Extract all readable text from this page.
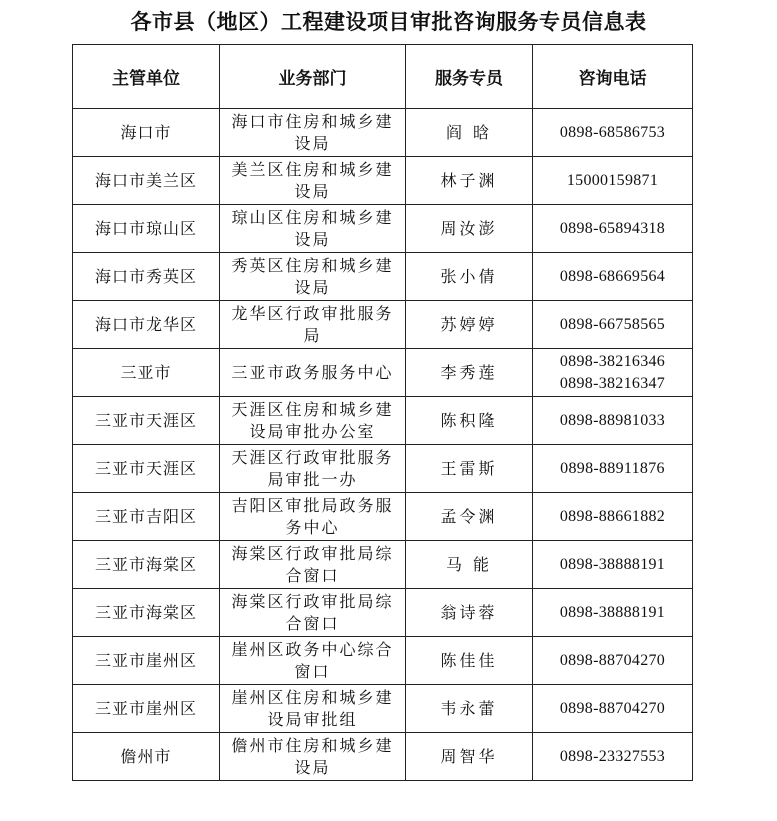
各市县（地区）工程建设项目审批咨询服务专员信息表
主管单位	业务部门	服务专员	咨询电话
海口市	海口市住房和城乡建设局	阎 晗	0898-68586753

海口市美兰区	美兰区住房和城乡建设局	林子渊	15000159871

海口市琼山区	琼山区住房和城乡建设局	周汝澎	0898-65894318

海口市秀英区	秀英区住房和城乡建设局	张小倩	0898-68669564

海口市龙华区	龙华区行政审批服务局	苏婷婷	0898-66758565

三亚市	三亚市政务服务中心	李秀莲	0898-38216346
0898-38216347

三亚市天涯区	天涯区住房和城乡建设局审批办公室	陈积隆	0898-88981033

三亚市天涯区	天涯区行政审批服务局审批一办	王雷斯	0898-88911876

三亚市吉阳区	吉阳区审批局政务服务中心	孟令渊	0898-88661882

三亚市海棠区	海棠区行政审批局综合窗口	马 能	0898-38888191

三亚市海棠区	海棠区行政审批局综合窗口	翁诗蓉	0898-38888191

三亚市崖州区	崖州区政务中心综合窗口	陈佳佳	0898-88704270

三亚市崖州区	崖州区住房和城乡建设局审批组	韦永蕾	0898-88704270

儋州市	儋州市住房和城乡建设局	周智华	0898-23327553
